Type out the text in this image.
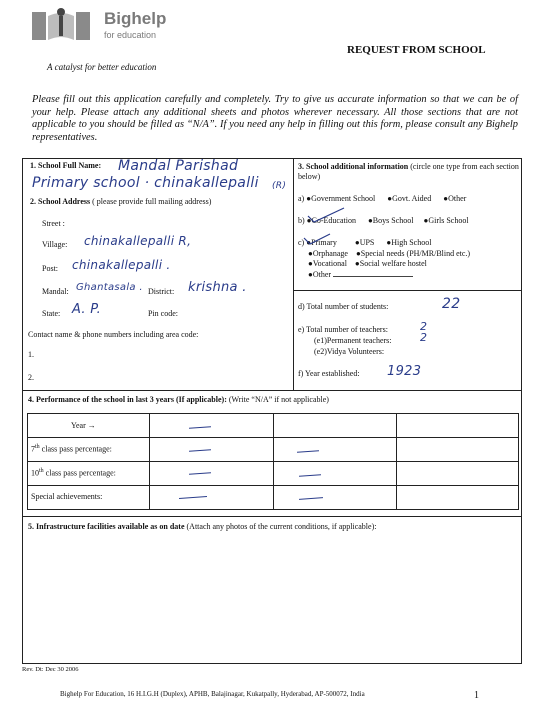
Bighelp
for education
A catalyst for better education
REQUEST FROM SCHOOL
Please fill out this application carefully and completely. Try to give us accurate information so that we can be of your help. Please attach any additional sheets and photos wherever necessary. All those sections that are not applicable to you should be filled as “N/A”. If you need any help in filling out this form, please consult any Bighelp representatives.
1. School Full Name: Mandal Parishad
Primary school · chinakallepalli (R)
2. School Address ( please provide full mailing address)
Street :
Village: chinakallepalli R,
Post: chinakallepalli .
Mandal: Ghantasala . District: krishna .
State: A. P.	Pin code:
Contact name & phone numbers including area code:
1.
2.
3. School additional information (circle one type from each section below)
a) ●Government School ●Govt. Aided ●Other
b) ●Co-Education ●Boys School ●Girls School
c) ●Primary ●UPS ●High School
●Orphanage ●Special needs (PH/MR/Blind etc.)
●Vocational ●Social welfare hostel
●Other
d) Total number of students:	22
e) Total number of teachers:	2
(e1)Permanent teachers:	2
(e2)Vidya Volunteers:
f) Year established: 1923
4. Performance of the school in last 3 years (If applicable): (Write “N/A” if not applicable)
Year →
7th class pass percentage:
10th class pass percentage:
Special achievements:
5. Infrastructure facilities available as on date (Attach any photos of the current conditions, if applicable):
Rev. Dt: Dec 30 2006
Bighelp For Education, 16 H.I.G.H (Duplex), APHB, Balajinagar, Kukatpally, Hyderabad, AP-500072, India	1
